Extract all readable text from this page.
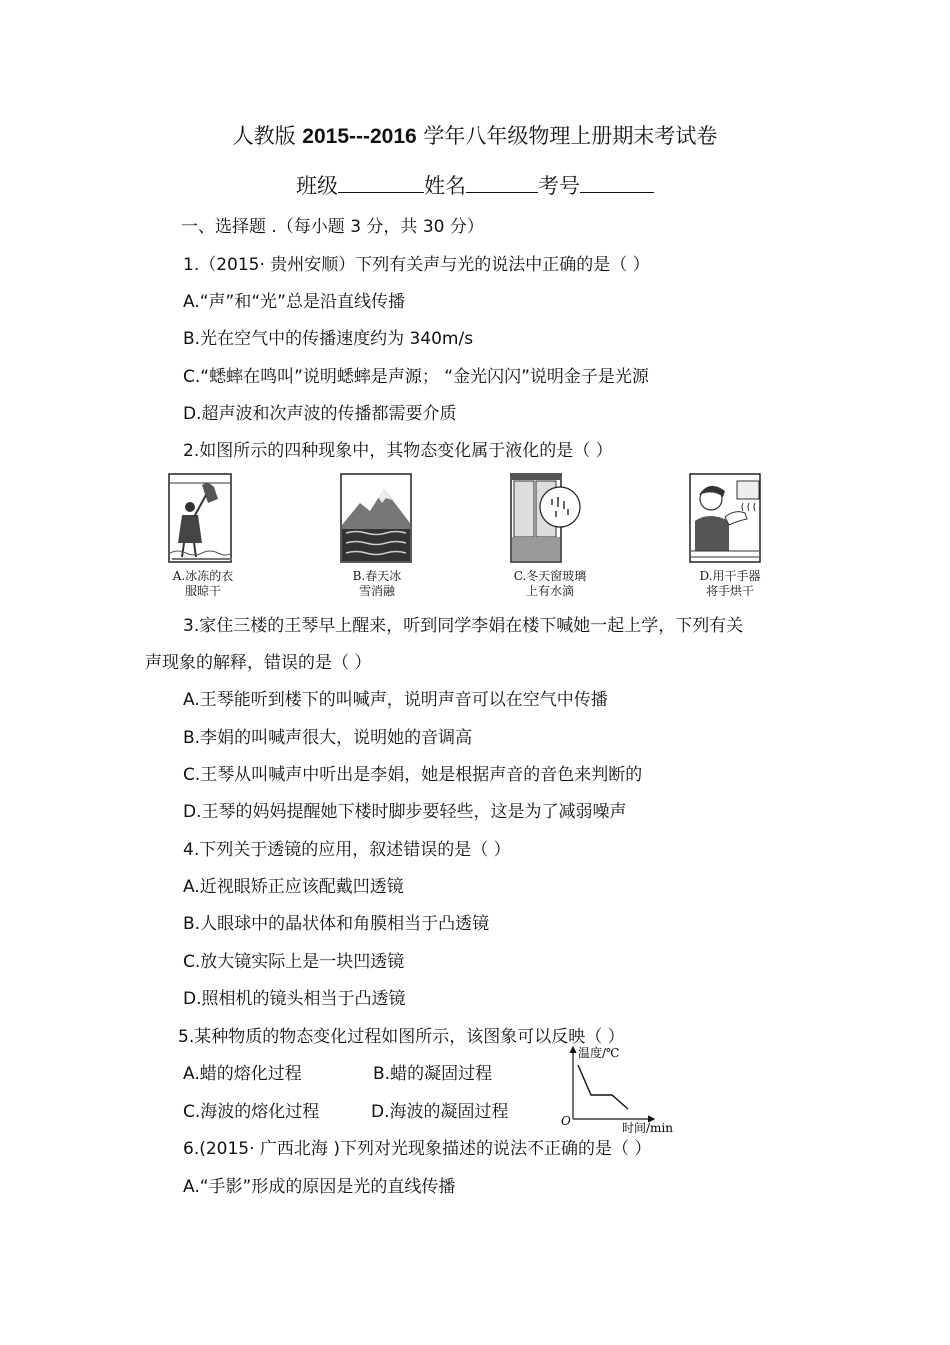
人教版 2015---2016 学年八年级物理上册期末考试卷
班级	姓名	考号
一、选择题 .（每小题 3 分，共 30 分）
1.（2015· 贵州安顺）下列有关声与光的说法中正确的是（ ）
A.“声”和“光”总是沿直线传播
B.光在空气中的传播速度约为 340m/s
C.“蟋蟀在鸣叫”说明蟋蟀是声源； “金光闪闪”说明金子是光源
D.超声波和次声波的传播都需要介质
2.如图所示的四种现象中，其物态变化属于液化的是（ ）
A.冰冻的衣
服晾干
B.春天冰
雪消融
C.冬天窗玻璃
上有水滴
D.用干手器
将手烘干
3.家住三楼的王琴早上醒来，听到同学李娟在楼下喊她一起上学，下列有关
声现象的解释，错误的是（ ）
A.王琴能听到楼下的叫喊声，说明声音可以在空气中传播
B.李娟的叫喊声很大，说明她的音调高
C.王琴从叫喊声中听出是李娟，她是根据声音的音色来判断的
D.王琴的妈妈提醒她下楼时脚步要轻些，这是为了减弱噪声
4.下列关于透镜的应用，叙述错误的是（ ）
A.近视眼矫正应该配戴凹透镜
B.人眼球中的晶状体和角膜相当于凸透镜
C.放大镜实际上是一块凹透镜
D.照相机的镜头相当于凸透镜
5.某种物质的物态变化过程如图所示，该图象可以反映（ ）
A.蜡的熔化过程	B.蜡的凝固过程
C.海波的熔化过程	D.海波的凝固过程
温度/℃
O	时间/min
6.(2015· 广西北海 )下列对光现象描述的说法不正确的是（ ）
A.“手影”形成的原因是光的直线传播
